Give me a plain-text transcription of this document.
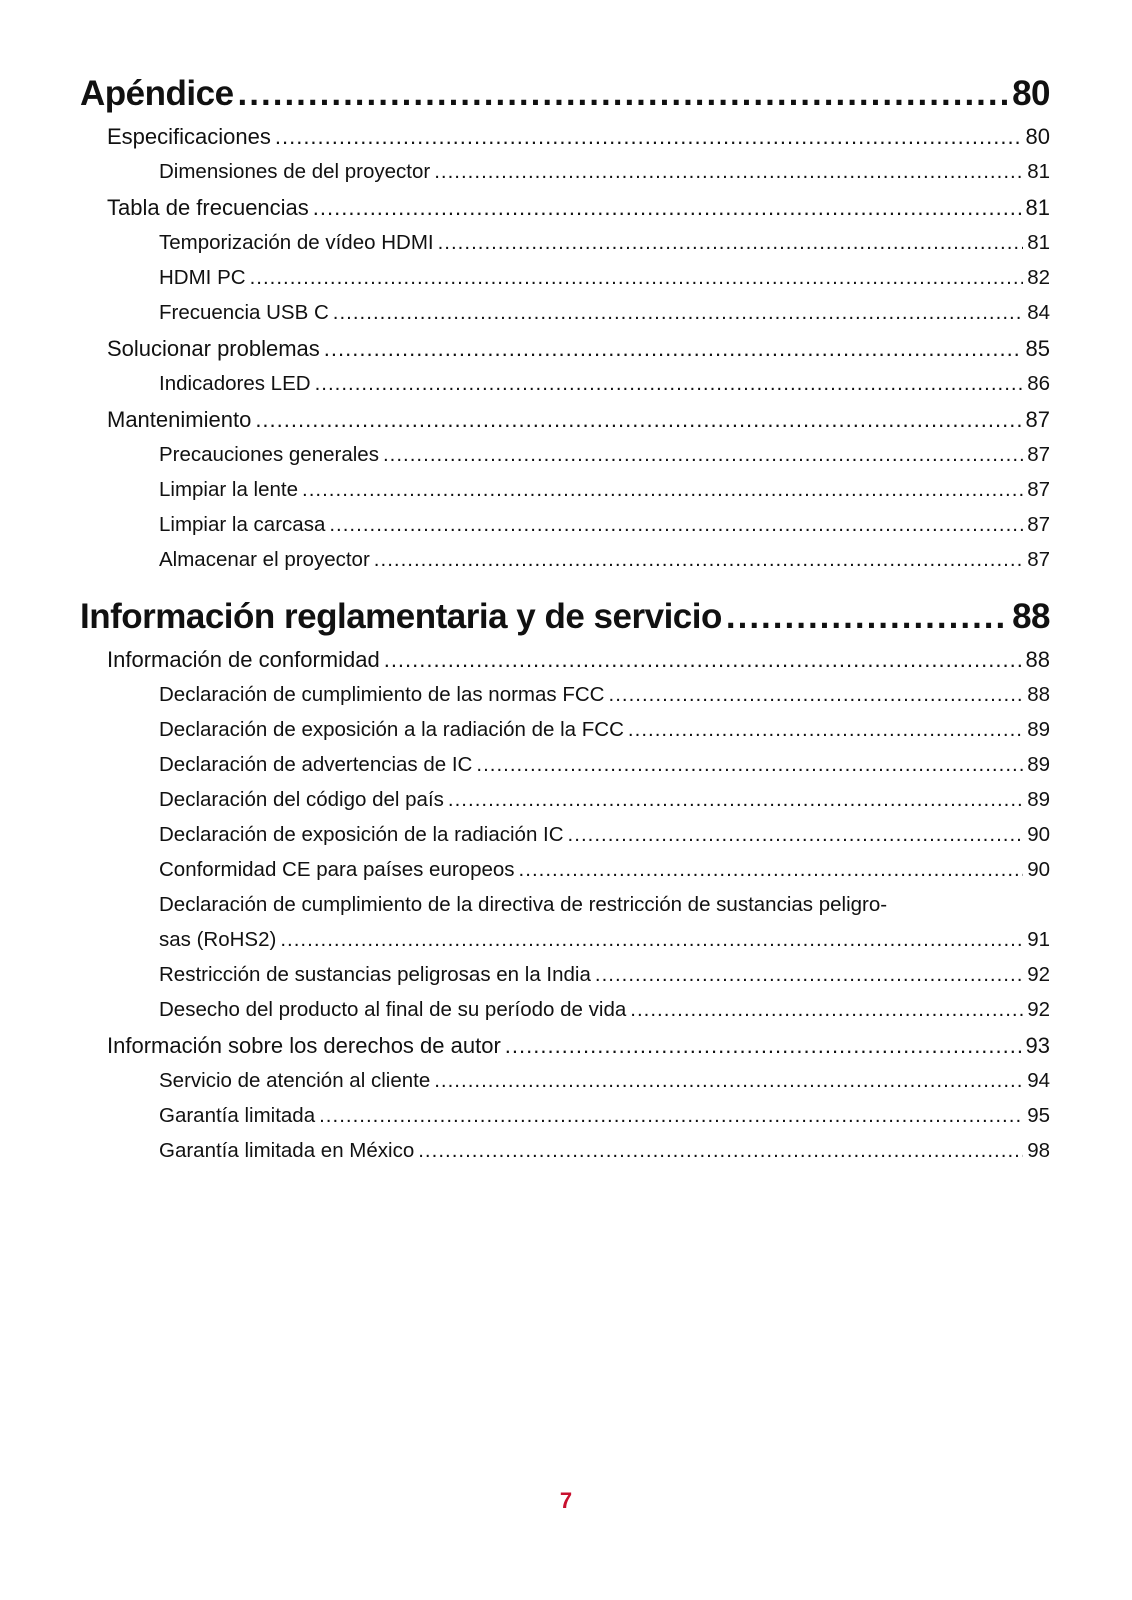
Apéndice .....	80
Especificaciones .....	80
Dimensiones de del proyector .....	81
Tabla de frecuencias .....	81
Temporización de vídeo HDMI .....	81
HDMI PC .....	82
Frecuencia USB C .....	84
Solucionar problemas .....	85
Indicadores LED .....	86
Mantenimiento .....	87
Precauciones generales .....	87
Limpiar la lente .....	87
Limpiar la carcasa .....	87
Almacenar el proyector .....	87
Información reglamentaria y de servicio .....	88
Información de conformidad .....	88
Declaración de cumplimiento de las normas FCC .....	88
Declaración de exposición a la radiación de la FCC .....	89
Declaración de advertencias de IC .....	89
Declaración del código del país .....	89
Declaración de exposición de la radiación IC .....	90
Conformidad CE para países europeos .....	90
Declaración de cumplimiento de la directiva de restricción de sustancias peligro-
sas (RoHS2) .....	91
Restricción de sustancias peligrosas en la India .....	92
Desecho del producto al final de su período de vida .....	92
Información sobre los derechos de autor .....	93
Servicio de atención al cliente .....	94
Garantía limitada .....	95
Garantía limitada en México .....	98
7
